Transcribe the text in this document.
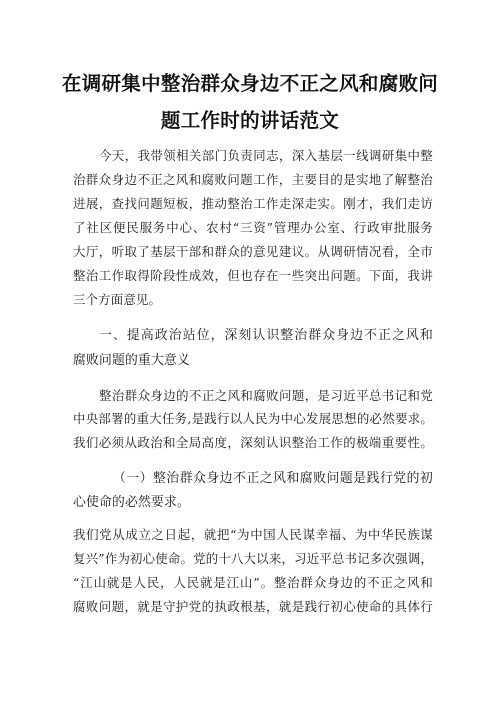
在调研集中整治群众身边不正之风和腐败问
题工作时的讲话范文
今天，我带领相关部门负责同志，深入基层一线调研集中整
治群众身边不正之风和腐败问题工作，主要目的是实地了解整治
进展，查找问题短板，推动整治工作走深走实。刚才，我们走访
了社区便民服务中心、农村“三资”管理办公室、行政审批服务
大厅，听取了基层干部和群众的意见建议。从调研情况看，全市
整治工作取得阶段性成效，但也存在一些突出问题。下面，我讲
三个方面意见。
一、提高政治站位，深刻认识整治群众身边不正之风和
腐败问题的重大意义
整治群众身边的不正之风和腐败问题，是习近平总书记和党
中央部署的重大任务,是践行以人民为中心发展思想的必然要求。
我们必须从政治和全局高度，深刻认识整治工作的极端重要性。
（一）整治群众身边不正之风和腐败问题是践行党的初
心使命的必然要求。
我们党从成立之日起，就把“为中国人民谋幸福、为中华民族谋
复兴”作为初心使命。党的十八大以来，习近平总书记多次强调，
“江山就是人民，人民就是江山”。整治群众身边的不正之风和
腐败问题，就是守护党的执政根基，就是践行初心使命的具体行
